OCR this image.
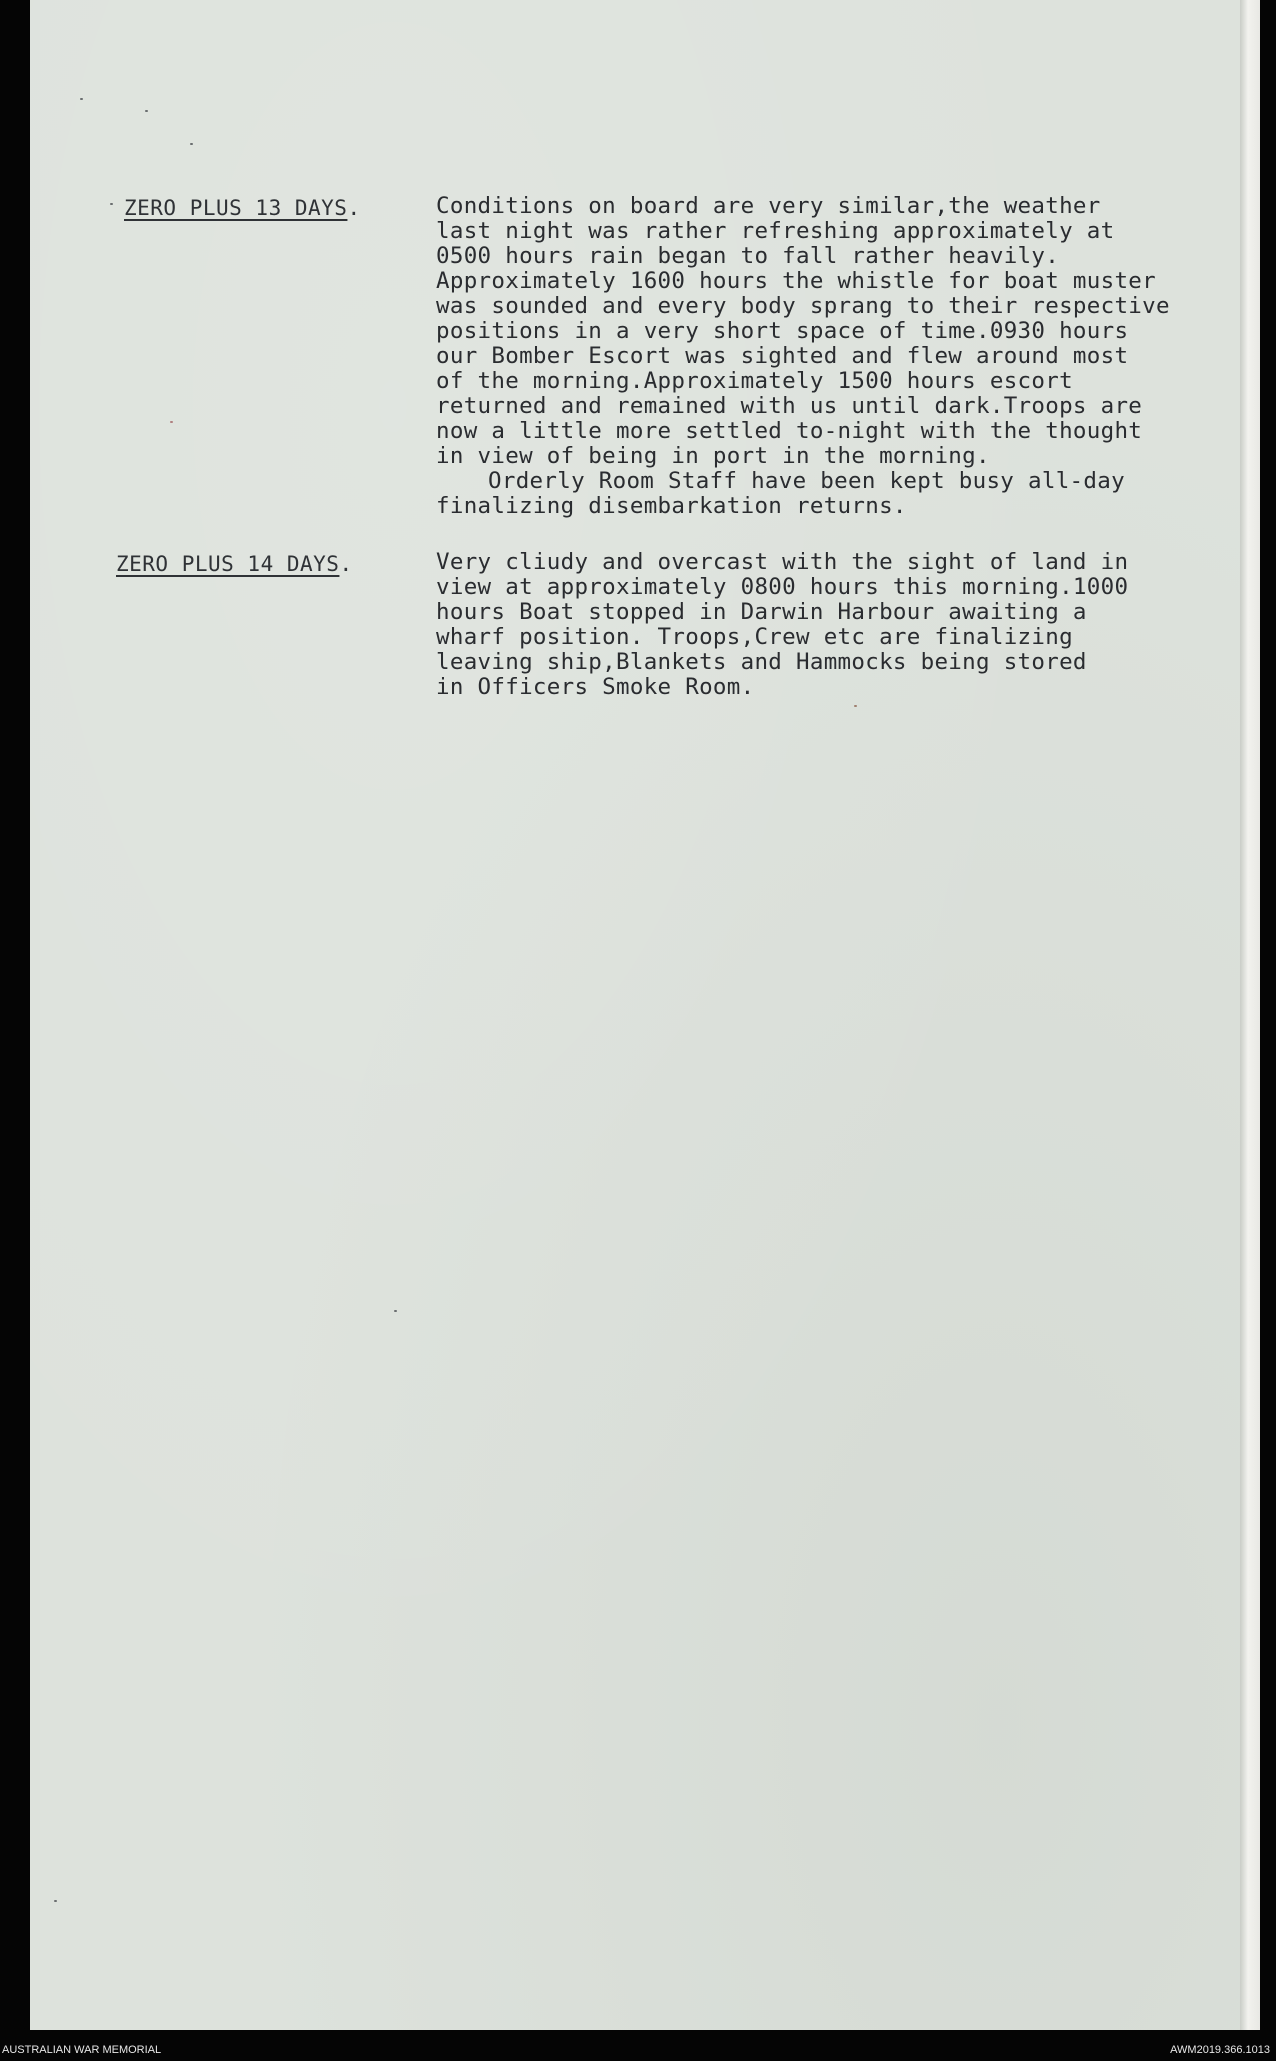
ZERO PLUS 13 DAYS.	Conditions on board are very similar,the weather
last night was rather refreshing approximately at
0500 hours rain began to fall rather heavily.
Approximately 1600 hours the whistle for boat muster
was sounded and every body sprang to their respective
positions in a very short space of time.0930 hours
our Bomber Escort was sighted and flew around most
of the morning.Approximately 1500 hours escort
returned and remained with us until dark.Troops are
now a little more settled to-night with the thought
in view of being in port in the morning.
Orderly Room Staff have been kept busy all-day
finalizing disembarkation returns.
ZERO PLUS 14 DAYS.	Very cliudy and overcast with the sight of land in
view at approximately 0800 hours this morning.1000
hours Boat stopped in Darwin Harbour awaiting a
wharf position. Troops,Crew etc are finalizing
leaving ship,Blankets and Hammocks being stored
in Officers Smoke Room.
AUSTRALIAN WAR MEMORIAL	AWM2019.366.1013
